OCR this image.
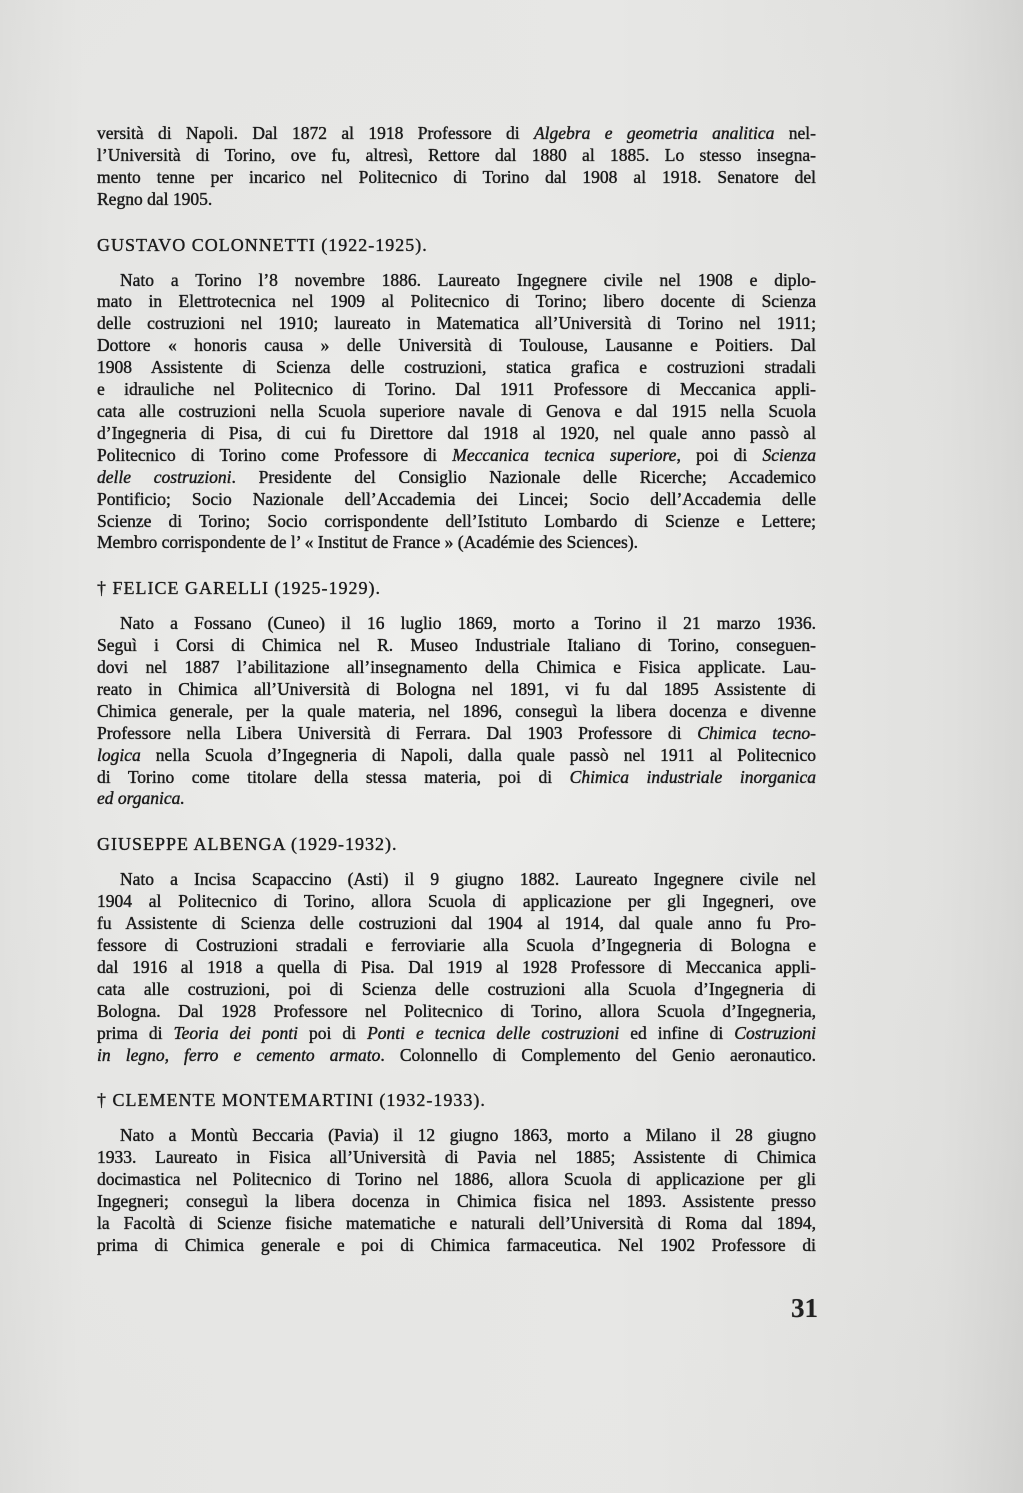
versità di Napoli. Dal 1872 al 1918 Professore di Algebra e geometria analitica nel-
l’Università di Torino, ove fu, altresì, Rettore dal 1880 al 1885. Lo stesso insegna-
mento tenne per incarico nel Politecnico di Torino dal 1908 al 1918. Senatore del
Regno dal 1905.
GUSTAVO COLONNETTI (1922-1925).
Nato a Torino l’8 novembre 1886. Laureato Ingegnere civile nel 1908 e diplo-
mato in Elettrotecnica nel 1909 al Politecnico di Torino; libero docente di Scienza
delle costruzioni nel 1910; laureato in Matematica all’Università di Torino nel 1911;
Dottore « honoris causa » delle Università di Toulouse, Lausanne e Poitiers. Dal
1908 Assistente di Scienza delle costruzioni, statica grafica e costruzioni stradali
e idrauliche nel Politecnico di Torino. Dal 1911 Professore di Meccanica appli-
cata alle costruzioni nella Scuola superiore navale di Genova e dal 1915 nella Scuola
d’Ingegneria di Pisa, di cui fu Direttore dal 1918 al 1920, nel quale anno passò al
Politecnico di Torino come Professore di Meccanica tecnica superiore, poi di Scienza
delle costruzioni. Presidente del Consiglio Nazionale delle Ricerche; Accademico
Pontificio; Socio Nazionale dell’Accademia dei Lincei; Socio dell’Accademia delle
Scienze di Torino; Socio corrispondente dell’Istituto Lombardo di Scienze e Lettere;
Membro corrispondente de l’ « Institut de France » (Académie des Sciences).
† FELICE GARELLI (1925-1929).
Nato a Fossano (Cuneo) il 16 luglio 1869, morto a Torino il 21 marzo 1936.
Seguì i Corsi di Chimica nel R. Museo Industriale Italiano di Torino, conseguen-
dovi nel 1887 l’abilitazione all’insegnamento della Chimica e Fisica applicate. Lau-
reato in Chimica all’Università di Bologna nel 1891, vi fu dal 1895 Assistente di
Chimica generale, per la quale materia, nel 1896, conseguì la libera docenza e divenne
Professore nella Libera Università di Ferrara. Dal 1903 Professore di Chimica tecno-
logica nella Scuola d’Ingegneria di Napoli, dalla quale passò nel 1911 al Politecnico
di Torino come titolare della stessa materia, poi di Chimica industriale inorganica
ed organica.
GIUSEPPE ALBENGA (1929-1932).
Nato a Incisa Scapaccino (Asti) il 9 giugno 1882. Laureato Ingegnere civile nel
1904 al Politecnico di Torino, allora Scuola di applicazione per gli Ingegneri, ove
fu Assistente di Scienza delle costruzioni dal 1904 al 1914, dal quale anno fu Pro-
fessore di Costruzioni stradali e ferroviarie alla Scuola d’Ingegneria di Bologna e
dal 1916 al 1918 a quella di Pisa. Dal 1919 al 1928 Professore di Meccanica appli-
cata alle costruzioni, poi di Scienza delle costruzioni alla Scuola d’Ingegneria di
Bologna. Dal 1928 Professore nel Politecnico di Torino, allora Scuola d’Ingegneria,
prima di Teoria dei ponti poi di Ponti e tecnica delle costruzioni ed infine di Costruzioni
in legno, ferro e cemento armato. Colonnello di Complemento del Genio aeronautico.
† CLEMENTE MONTEMARTINI (1932-1933).
Nato a Montù Beccaria (Pavia) il 12 giugno 1863, morto a Milano il 28 giugno
1933. Laureato in Fisica all’Università di Pavia nel 1885; Assistente di Chimica
docimastica nel Politecnico di Torino nel 1886, allora Scuola di applicazione per gli
Ingegneri; conseguì la libera docenza in Chimica fisica nel 1893. Assistente presso
la Facoltà di Scienze fisiche matematiche e naturali dell’Università di Roma dal 1894,
prima di Chimica generale e poi di Chimica farmaceutica. Nel 1902 Professore di
31
